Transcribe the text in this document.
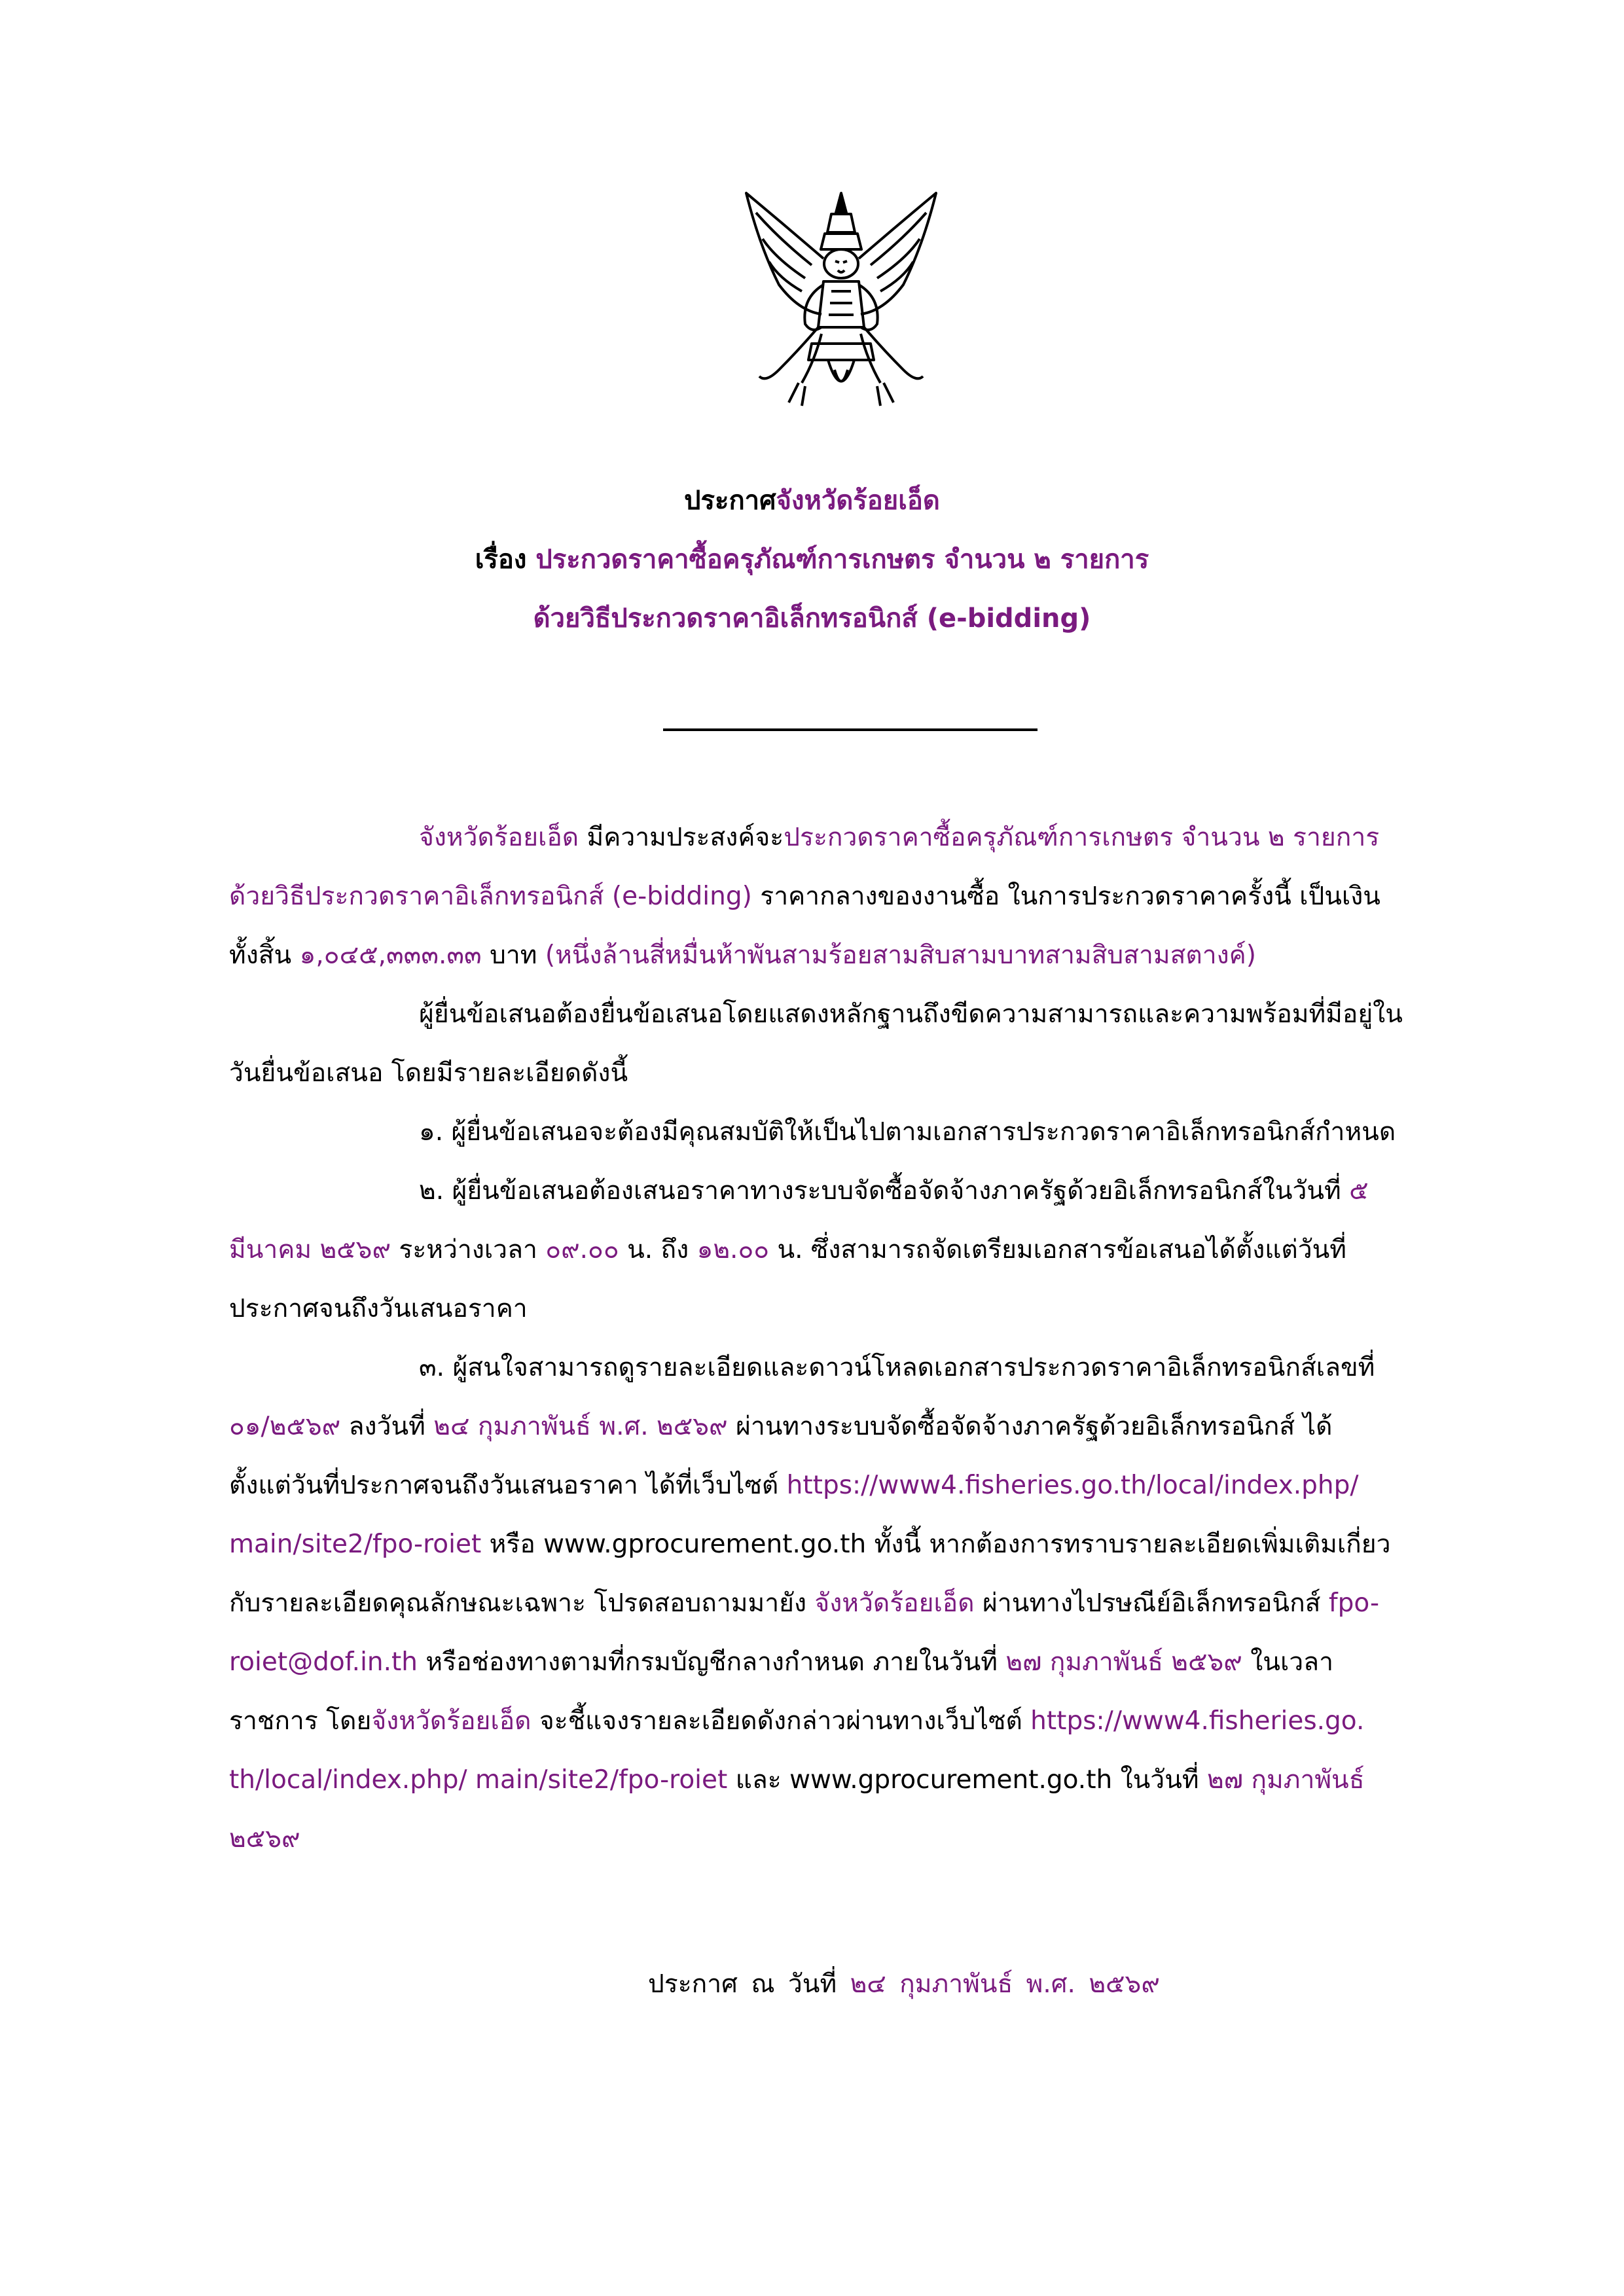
ประกาศจังหวัดร้อยเอ็ด
เรื่อง ประกวดราคาซื้อครุภัณฑ์การเกษตร จำนวน ๒ รายการ
ด้วยวิธีประกวดราคาอิเล็กทรอนิกส์ (e-bidding)
จังหวัดร้อยเอ็ด มีความประสงค์จะประกวดราคาซื้อครุภัณฑ์การเกษตร จำนวน ๒ รายการ
ด้วยวิธีประกวดราคาอิเล็กทรอนิกส์ (e-bidding) ราคากลางของงานซื้อ ในการประกวดราคาครั้งนี้ เป็นเงิน
ทั้งสิ้น ๑,๐๔๕,๓๓๓.๓๓ บาท (หนึ่งล้านสี่หมื่นห้าพันสามร้อยสามสิบสามบาทสามสิบสามสตางค์)
ผู้ยื่นข้อเสนอต้องยื่นข้อเสนอโดยแสดงหลักฐานถึงขีดความสามารถและความพร้อมที่มีอยู่ใน
วันยื่นข้อเสนอ โดยมีรายละเอียดดังนี้
๑. ผู้ยื่นข้อเสนอจะต้องมีคุณสมบัติให้เป็นไปตามเอกสารประกวดราคาอิเล็กทรอนิกส์กำหนด
๒. ผู้ยื่นข้อเสนอต้องเสนอราคาทางระบบจัดซื้อจัดจ้างภาครัฐด้วยอิเล็กทรอนิกส์ในวันที่ ๕
มีนาคม ๒๕๖๙ ระหว่างเวลา ๐๙.๐๐ น. ถึง ๑๒.๐๐ น. ซึ่งสามารถจัดเตรียมเอกสารข้อเสนอได้ตั้งแต่วันที่
ประกาศจนถึงวันเสนอราคา
๓. ผู้สนใจสามารถดูรายละเอียดและดาวน์โหลดเอกสารประกวดราคาอิเล็กทรอนิกส์เลขที่
๐๑/๒๕๖๙ ลงวันที่ ๒๔ กุมภาพันธ์ พ.ศ. ๒๕๖๙ ผ่านทางระบบจัดซื้อจัดจ้างภาครัฐด้วยอิเล็กทรอนิกส์ ได้
ตั้งแต่วันที่ประกาศจนถึงวันเสนอราคา ได้ที่เว็บไซต์ https://www4.fisheries.go.th/local/index.php/
main/site2/fpo-roiet หรือ www.gprocurement.go.th ทั้งนี้ หากต้องการทราบรายละเอียดเพิ่มเติมเกี่ยว
กับรายละเอียดคุณลักษณะเฉพาะ โปรดสอบถามมายัง จังหวัดร้อยเอ็ด ผ่านทางไปรษณีย์อิเล็กทรอนิกส์ fpo-
roiet@dof.in.th หรือช่องทางตามที่กรมบัญชีกลางกำหนด ภายในวันที่ ๒๗ กุมภาพันธ์ ๒๕๖๙ ในเวลา
ราชการ โดยจังหวัดร้อยเอ็ด จะชี้แจงรายละเอียดดังกล่าวผ่านทางเว็บไซต์ https://www4.fisheries.go.
th/local/index.php/ main/site2/fpo-roiet และ www.gprocurement.go.th ในวันที่ ๒๗ กุมภาพันธ์
๒๕๖๙
ประกาศ ณ วันที่ ๒๔ กุมภาพันธ์ พ.ศ. ๒๕๖๙
